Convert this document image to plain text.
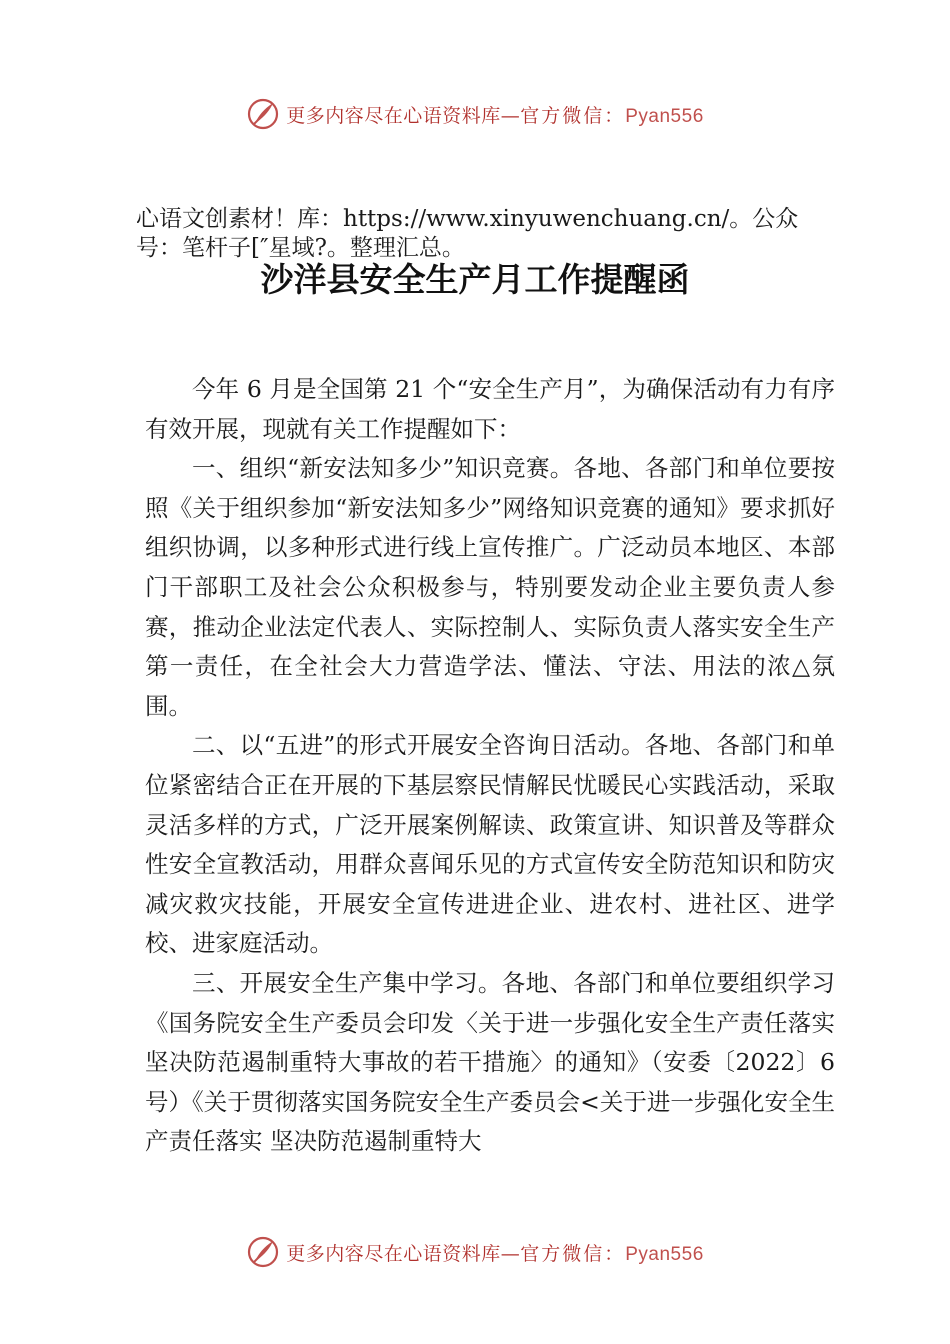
更多内容尽在心语资料库—官方微信：Pyan556
心语文创素材！库：https://www.xinyuwenchuang.cn/。公众号：笔杆子[″星域?。整理汇总。
沙洋县安全生产月工作提醒函

今年 6 月是全国第 21 个“安全生产月”，为确保活动有力有序有效开展，现就有关工作提醒如下：

一、组织“新安法知多少”知识竞赛。各地、各部门和单位要按照《关于组织参加“新安法知多少”网络知识竞赛的通知》要求抓好组织协调，以多种形式进行线上宣传推广。广泛动员本地区、本部门干部职工及社会公众积极参与，特别要发动企业主要负责人参赛，推动企业法定代表人、实际控制人、实际负责人落实安全生产第一责任，在全社会大力营造学法、懂法、守法、用法的浓△氛围。

二、以“五进”的形式开展安全咨询日活动。各地、各部门和单位紧密结合正在开展的下基层察民情解民忧暖民心实践活动，采取灵活多样的方式，广泛开展案例解读、政策宣讲、知识普及等群众性安全宣教活动，用群众喜闻乐见的方式宣传安全防范知识和防灾减灾救灾技能，开展安全宣传进进企业、进农村、进社区、进学校、进家庭活动。

三、开展安全生产集中学习。各地、各部门和单位要组织学习《国务院安全生产委员会印发〈关于进一步强化安全生产责任落实坚决防范遏制重特大事故的若干措施〉的通知》（安委〔2022〕6 号）《关于贯彻落实国务院安全生产委员会<关于进一步强化安全生产责任落实 坚决防范遏制重特大

更多内容尽在心语资料库—官方微信：Pyan556
